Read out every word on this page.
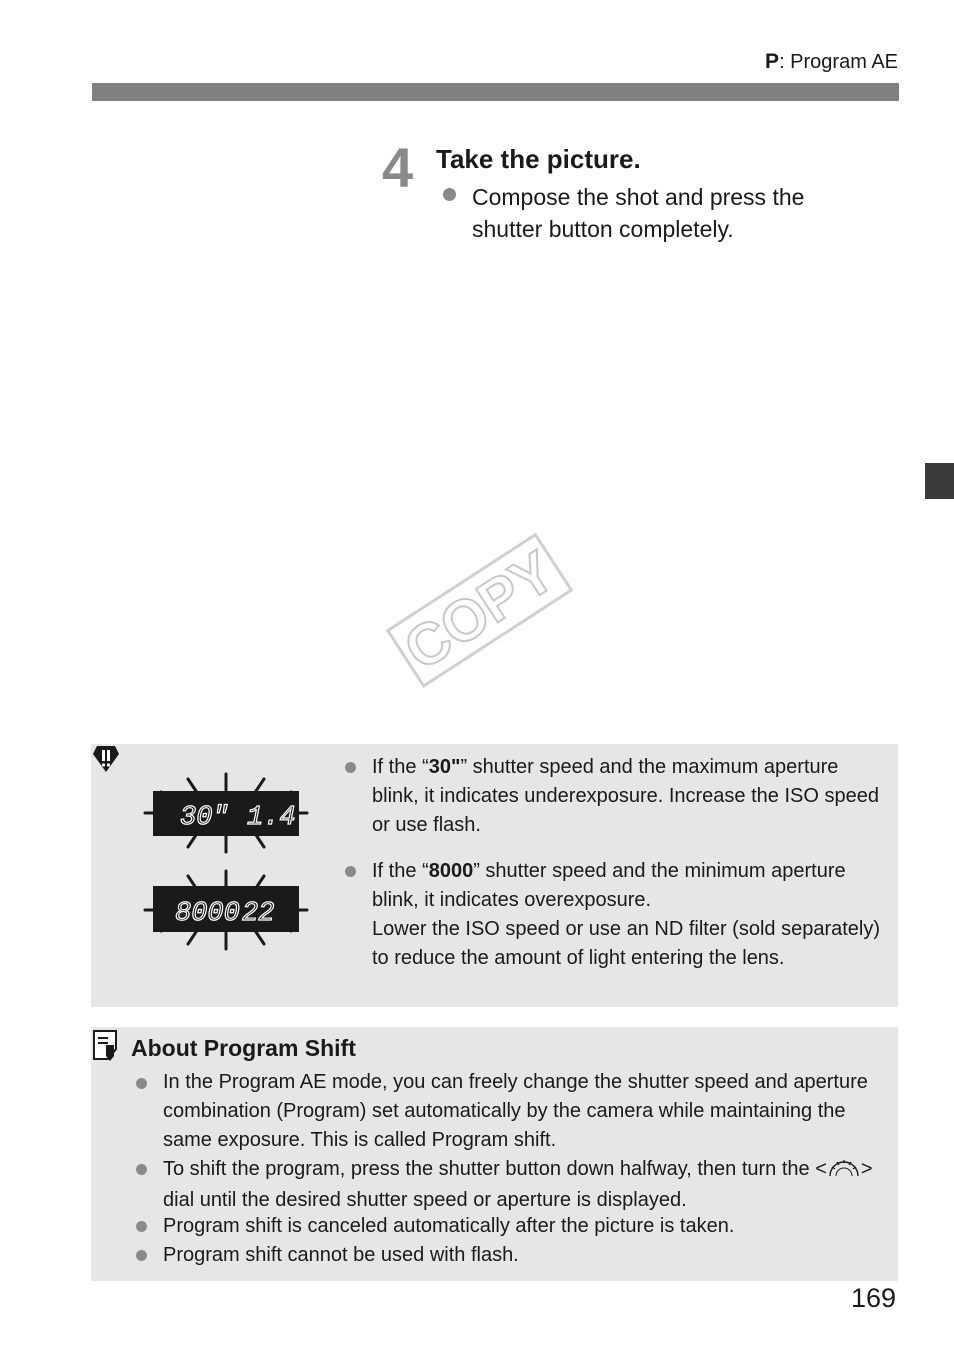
P: Program AE
4 Take the picture.
Compose the shot and press the shutter button completely.
COPY
30" 1.4
8000 22
If the “30"” shutter speed and the maximum aperture blink, it indicates underexposure. Increase the ISO speed or use flash.
If the “8000” shutter speed and the minimum aperture blink, it indicates overexposure.
Lower the ISO speed or use an ND filter (sold separately) to reduce the amount of light entering the lens.
About Program Shift
In the Program AE mode, you can freely change the shutter speed and aperture combination (Program) set automatically by the camera while maintaining the same exposure. This is called Program shift.
To shift the program, press the shutter button down halfway, then turn the < > dial until the desired shutter speed or aperture is displayed.
Program shift is canceled automatically after the picture is taken.
Program shift cannot be used with flash.
169
